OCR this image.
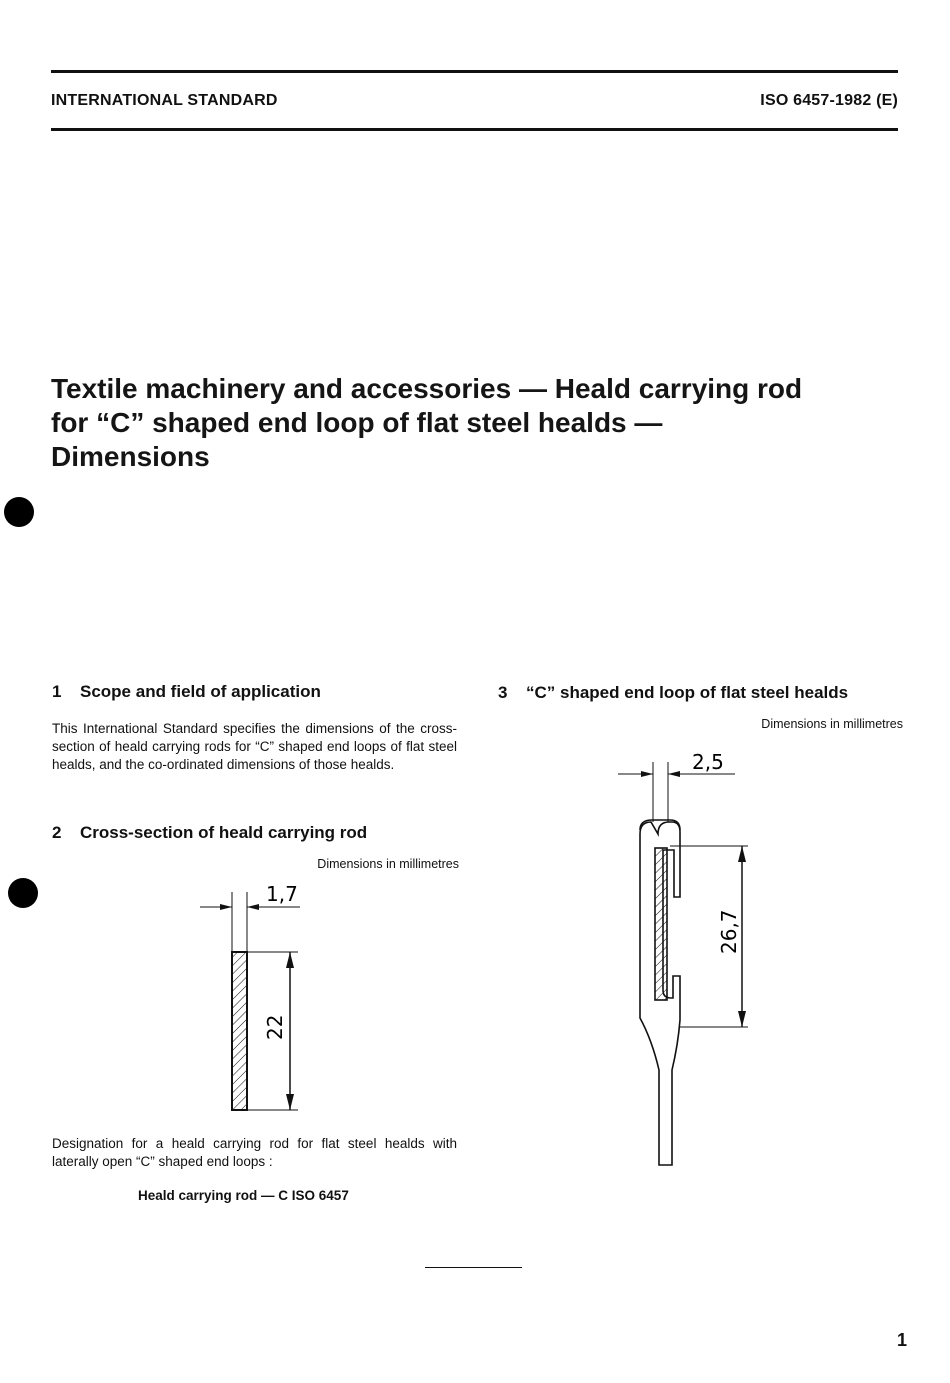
INTERNATIONAL STANDARD	ISO 6457-1982 (E)
Textile machinery and accessories — Heald carrying rod
for “C” shaped end loop of flat steel healds —
Dimensions
1 Scope and field of application
This International Standard specifies the dimensions of the cross-section of heald carrying rods for “C” shaped end loops of flat steel healds, and the co-ordinated dimensions of those healds.
2 Cross-section of heald carrying rod
Dimensions in millimetres
1,7
22
Designation for a heald carrying rod for flat steel healds with laterally open “C” shaped end loops :
Heald carrying rod — C ISO 6457
3 “C” shaped end loop of flat steel healds
Dimensions in millimetres
2,5
26,7
1
